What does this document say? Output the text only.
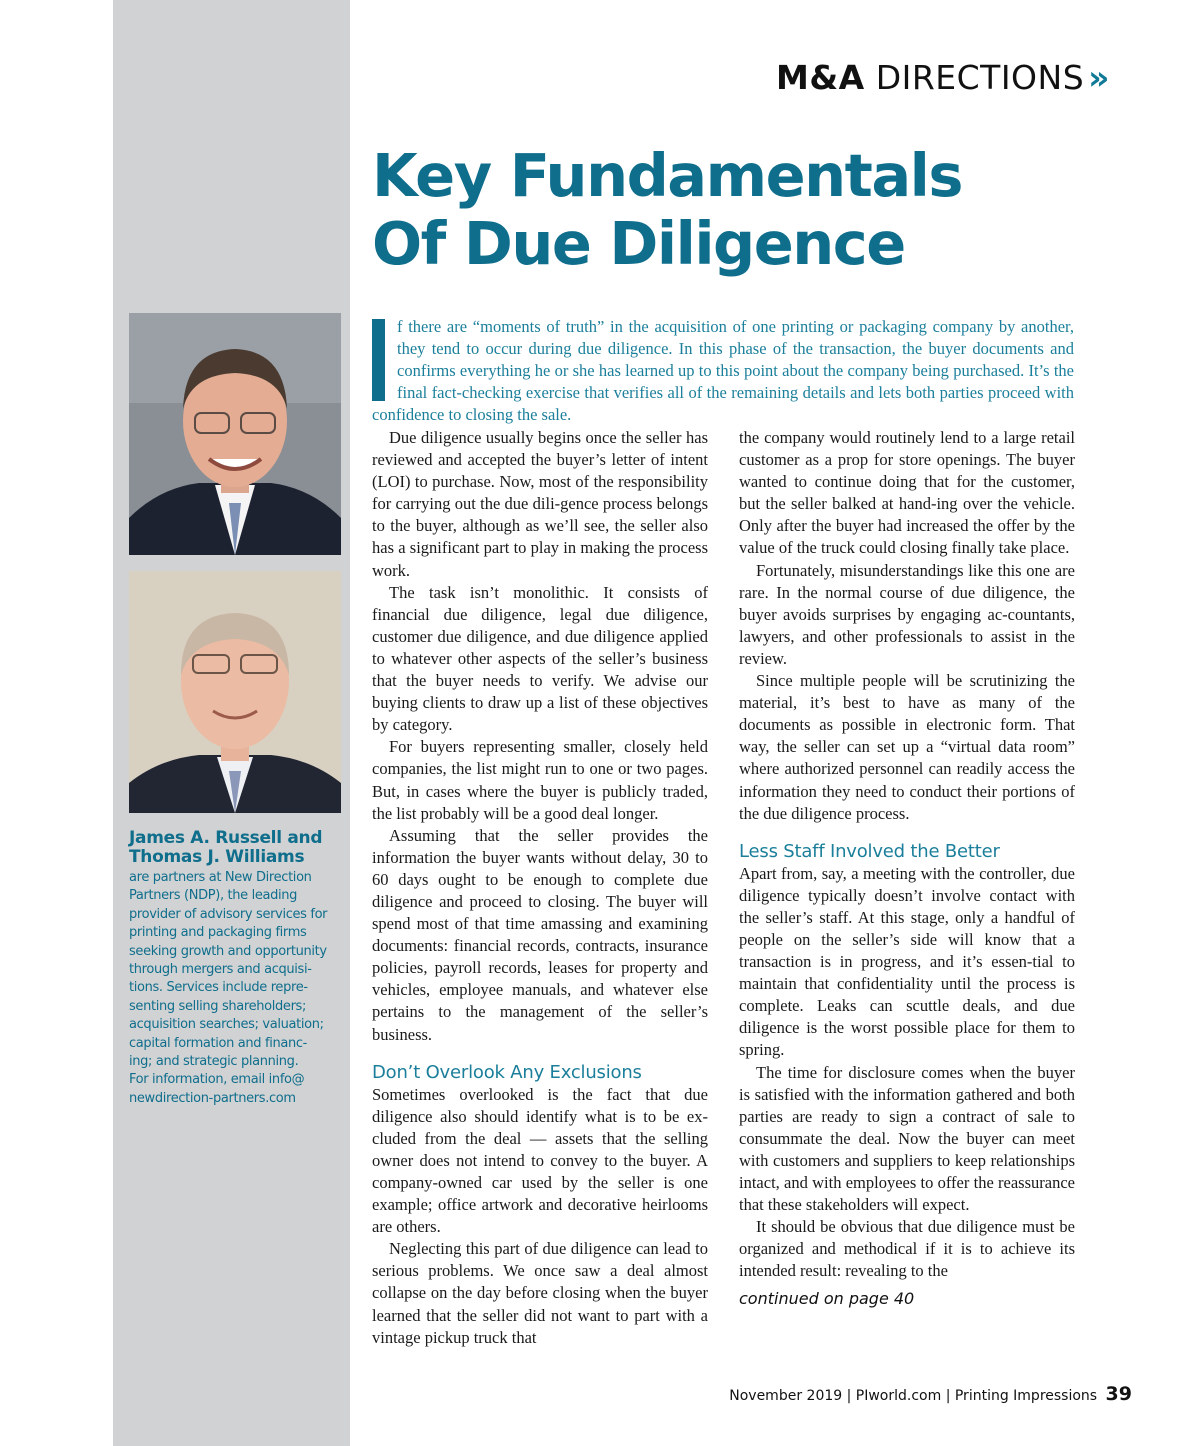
M&A DIRECTIONS »
Key Fundamentals
Of Due Diligence
James A. Russell and
Thomas J. Williams
are partners at New Direction
Partners (NDP), the leading
provider of advisory services for
printing and packaging firms
seeking growth and opportunity
through mergers and acquisi-
tions. Services include repre-
senting selling shareholders;
acquisition searches; valuation;
capital formation and financ-
ing; and strategic planning.
For information, email info@
newdirection-partners.com
f there are “moments of truth” in the acquisition of one printing or packaging company by another, they tend to occur during due diligence. In this phase of the transaction, the buyer documents and confirms everything he or she has learned up to this point about the company being purchased. It’s the final fact-checking exercise that verifies all of the remaining details and lets both parties proceed with confidence to closing the sale.

Due diligence usually begins once the seller has reviewed and accepted the buyer’s letter of intent (LOI) to purchase. Now, most of the responsibility for carrying out the due dili-gence process belongs to the buyer, although as we’ll see, the seller also has a significant part to play in making the process work.

The task isn’t monolithic. It consists of financial due diligence, legal due diligence, customer due diligence, and due diligence applied to whatever other aspects of the seller’s business that the buyer needs to verify. We advise our buying clients to draw up a list of these objectives by category.

For buyers representing smaller, closely held companies, the list might run to one or two pages. But, in cases where the buyer is publicly traded, the list probably will be a good deal longer.

Assuming that the seller provides the information the buyer wants without delay, 30 to 60 days ought to be enough to complete due diligence and proceed to closing. The buyer will spend most of that time amassing and examining documents: financial records, contracts, insurance policies, payroll records, leases for property and vehicles, employee manuals, and whatever else pertains to the management of the seller’s business.

Don’t Overlook Any Exclusions

Sometimes overlooked is the fact that due diligence also should identify what is to be ex-cluded from the deal — assets that the selling owner does not intend to convey to the buyer. A company-owned car used by the seller is one example; office artwork and decorative heirlooms are others.

Neglecting this part of due diligence can lead to serious problems. We once saw a deal almost collapse on the day before closing when the buyer learned that the seller did not want to part with a vintage pickup truck that

the company would routinely lend to a large retail customer as a prop for store openings. The buyer wanted to continue doing that for the customer, but the seller balked at hand-ing over the vehicle. Only after the buyer had increased the offer by the value of the truck could closing finally take place.

Fortunately, misunderstandings like this one are rare. In the normal course of due diligence, the buyer avoids surprises by engaging ac-countants, lawyers, and other professionals to assist in the review.

Since multiple people will be scrutinizing the material, it’s best to have as many of the documents as possible in electronic form. That way, the seller can set up a “virtual data room” where authorized personnel can readily access the information they need to conduct their portions of the due diligence process.

Less Staff Involved the Better

Apart from, say, a meeting with the controller, due diligence typically doesn’t involve contact with the seller’s staff. At this stage, only a handful of people on the seller’s side will know that a transaction is in progress, and it’s essen-tial to maintain that confidentiality until the process is complete. Leaks can scuttle deals, and due diligence is the worst possible place for them to spring.

The time for disclosure comes when the buyer is satisfied with the information gathered and both parties are ready to sign a contract of sale to consummate the deal. Now the buyer can meet with customers and suppliers to keep relationships intact, and with employees to offer the reassurance that these stakeholders will expect.

It should be obvious that due diligence must be organized and methodical if it is to achieve its intended result: revealing to the

continued on page 40
November 2019 | PIworld.com | Printing Impressions 39
